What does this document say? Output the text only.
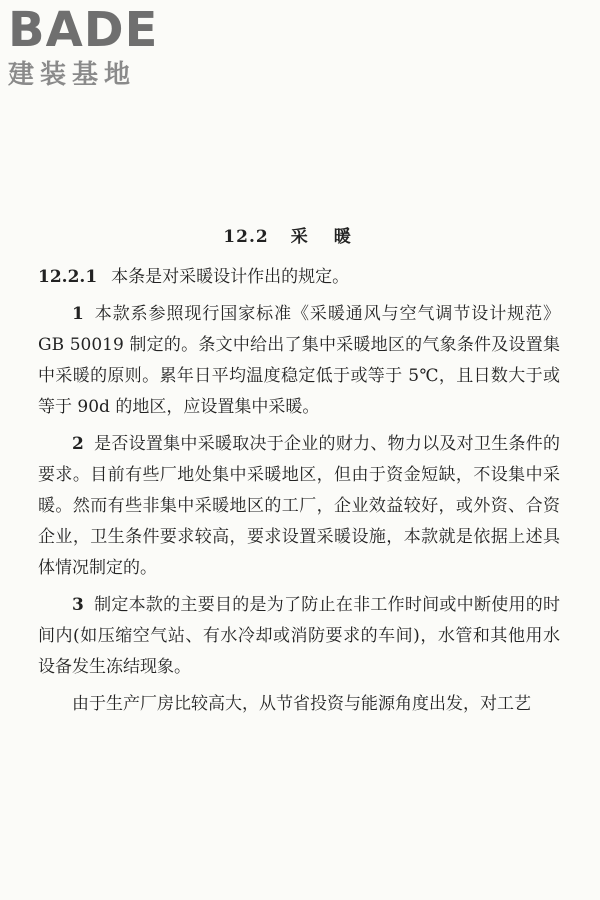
BADE
建装基地
12.2 采暖

12.2.1 本条是对采暖设计作出的规定。

1 本款系参照现行国家标准《采暖通风与空气调节设计规范》GB 50019 制定的。条文中给出了集中采暖地区的气象条件及设置集中采暖的原则。累年日平均温度稳定低于或等于 5℃，且日数大于或等于 90d 的地区，应设置集中采暖。

2 是否设置集中采暖取决于企业的财力、物力以及对卫生条件的要求。目前有些厂地处集中采暖地区，但由于资金短缺，不设集中采暖。然而有些非集中采暖地区的工厂，企业效益较好，或外资、合资企业，卫生条件要求较高，要求设置采暖设施，本款就是依据上述具体情况制定的。

3 制定本款的主要目的是为了防止在非工作时间或中断使用的时间内(如压缩空气站、有水冷却或消防要求的车间)，水管和其他用水设备发生冻结现象。

由于生产厂房比较高大，从节省投资与能源角度出发，对工艺
